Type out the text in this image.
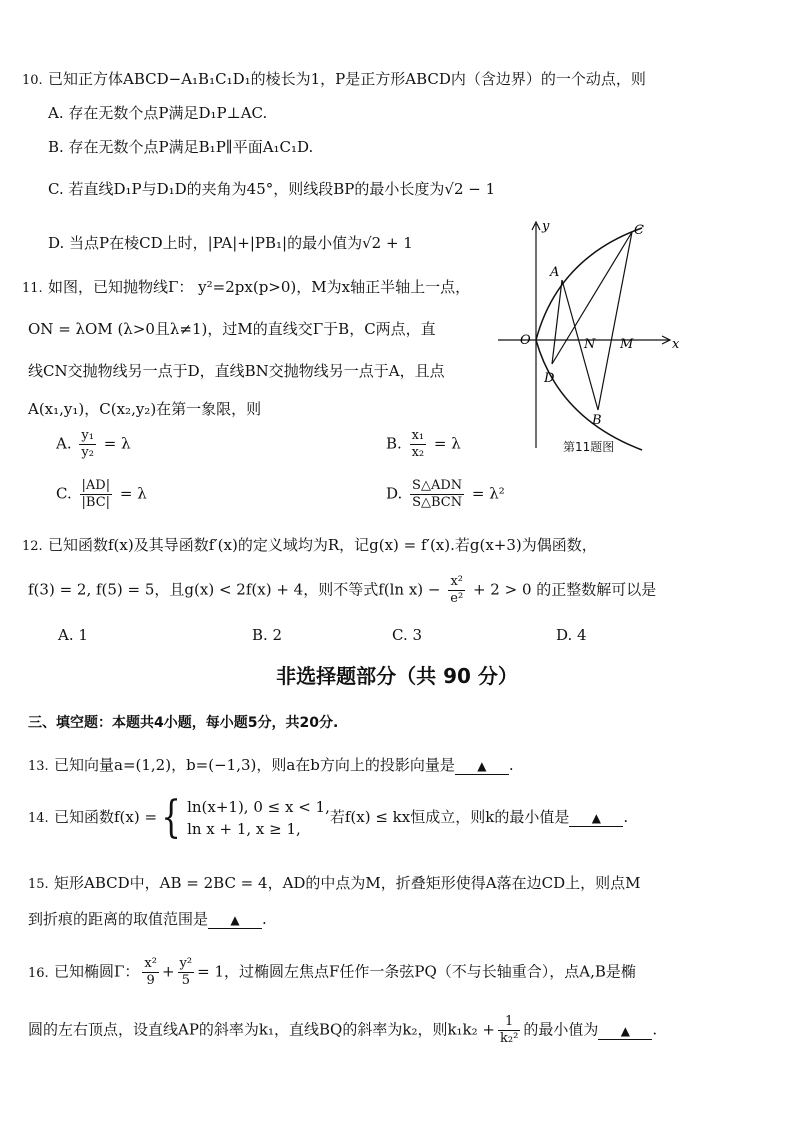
10. 已知正方体ABCD−A₁B₁C₁D₁的棱长为1，P是正方形ABCD内（含边界）的一个动点，则
A. 存在无数个点P满足D₁P⊥AC.
B. 存在无数个点P满足B₁P∥平面A₁C₁D.
C. 若直线D₁P与D₁D的夹角为45°，则线段BP的最小长度为√2 − 1
D. 当点P在棱CD上时，|PA|+|PB₁|的最小值为√2 + 1
11. 如图，已知抛物线Γ： y²=2px(p>0)，M为x轴正半轴上一点，
ON = λOM (λ>0且λ≠1)，过M的直线交Γ于B，C两点，直
线CN交抛物线另一点于D，直线BN交抛物线另一点于A，且点
A(x₁,y₁)，C(x₂,y₂)在第一象限，则
A. $\frac{\text{y₁}}{\text{y₂}} = \lambda$	B. $\frac{\text{x₁}}{\text{x₂}} = \lambda$
C. $\frac{|AD|}{|BC|} = \lambda$	D. $\frac{\text{S△ADN}}{\text{S△BCN}} = \lambda^2$
y
x
O	N M
A
C
D
B
第11题图
12. 已知函数f(x)及其导函数f′(x)的定义域均为R，记g(x) = f′(x).若g(x+3)为偶函数，
f(3) = 2, f(5) = 5，且g(x) < 2f(x) + 4，则不等式f(ln $x) - \frac{\text{x²}}{\text{e²}} + 2 > 0$ 的正整数解可以是
A. 1	B. 2	C. 3	D. 4
非选择题部分（共 90 分）
三、填空题：本题共4小题，每小题5分，共20分.
13. 已知向量a=(1,2)，b=(−1,3)，则a在b方向上的投影向量是 ▲ .
14. 已知函数f(x) ={ ln(x+1), 0 ≤ x < 1,
ln x + 1, x ≥ 1,
若f(x) ≤ kx恒成立，则k的最小值是 ▲ .
15. 矩形ABCD中，AB = 2BC = 4，AD的中点为M，折叠矩形使得A落在边CD上，则点M
到折痕的距离的取值范围是 ▲ .
16. 已知椭圆Γ： $\frac{\text{x²}}{9} + \frac{\text{y²}}{5} = 1$，过椭圆左焦点F任作一条弦PQ（不与长轴重合），点A,B是椭
圆的左右顶点，设直线AP的斜率为k₁，直线BQ的斜率为k₂，则$k_1k_2 + \frac{1}{\text{k₂²}}$ 的最小值为 ▲ .
